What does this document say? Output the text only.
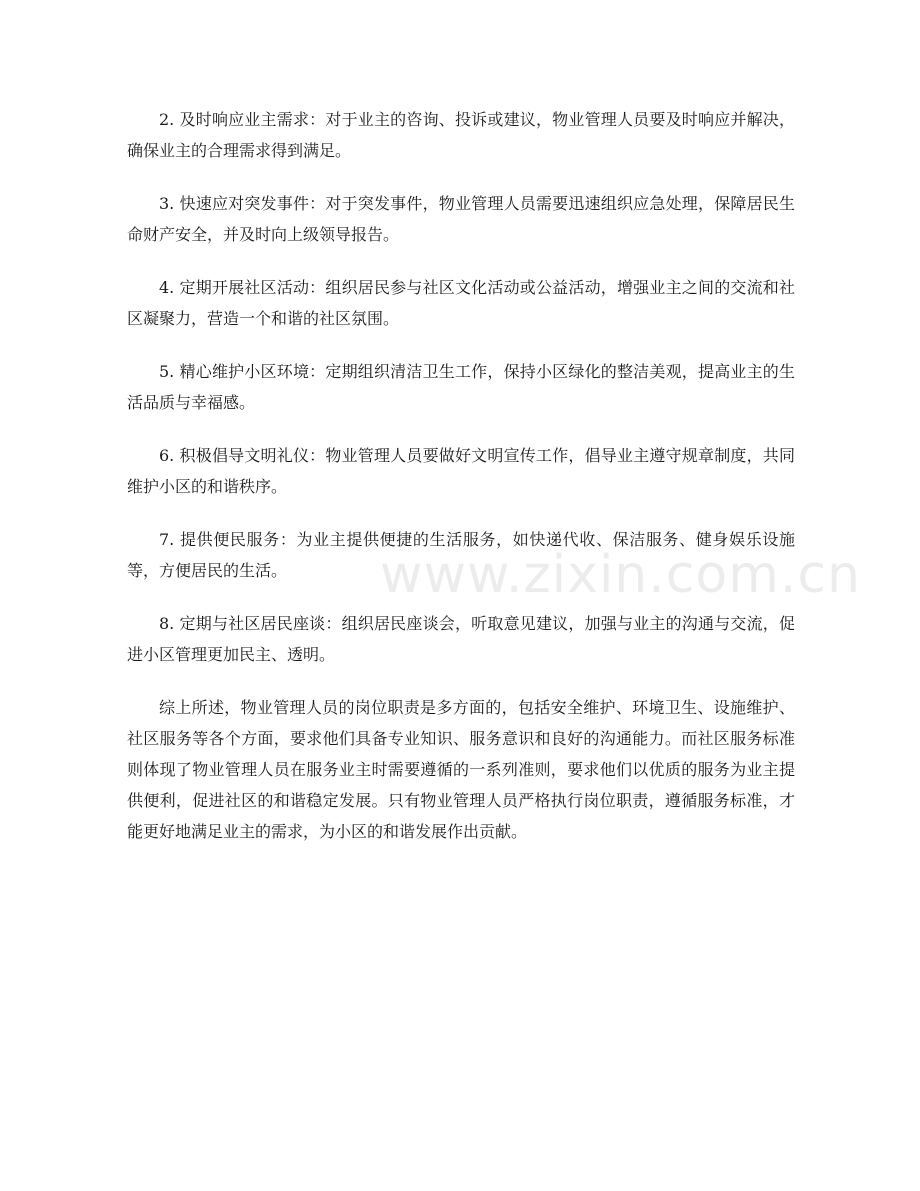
2. 及时响应业主需求：对于业主的咨询、投诉或建议，物业管理人员要及时响应并解决，确保业主的合理需求得到满足。

3. 快速应对突发事件：对于突发事件，物业管理人员需要迅速组织应急处理，保障居民生命财产安全，并及时向上级领导报告。

4. 定期开展社区活动：组织居民参与社区文化活动或公益活动，增强业主之间的交流和社区凝聚力，营造一个和谐的社区氛围。

5. 精心维护小区环境：定期组织清洁卫生工作，保持小区绿化的整洁美观，提高业主的生活品质与幸福感。

6. 积极倡导文明礼仪：物业管理人员要做好文明宣传工作，倡导业主遵守规章制度，共同维护小区的和谐秩序。

7. 提供便民服务：为业主提供便捷的生活服务，如快递代收、保洁服务、健身娱乐设施等，方便居民的生活。

8. 定期与社区居民座谈：组织居民座谈会，听取意见建议，加强与业主的沟通与交流，促进小区管理更加民主、透明。

综上所述，物业管理人员的岗位职责是多方面的，包括安全维护、环境卫生、设施维护、社区服务等各个方面，要求他们具备专业知识、服务意识和良好的沟通能力。而社区服务标准则体现了物业管理人员在服务业主时需要遵循的一系列准则，要求他们以优质的服务为业主提供便利，促进社区的和谐稳定发展。只有物业管理人员严格执行岗位职责，遵循服务标准，才能更好地满足业主的需求，为小区的和谐发展作出贡献。

www.zixin.com.cn
